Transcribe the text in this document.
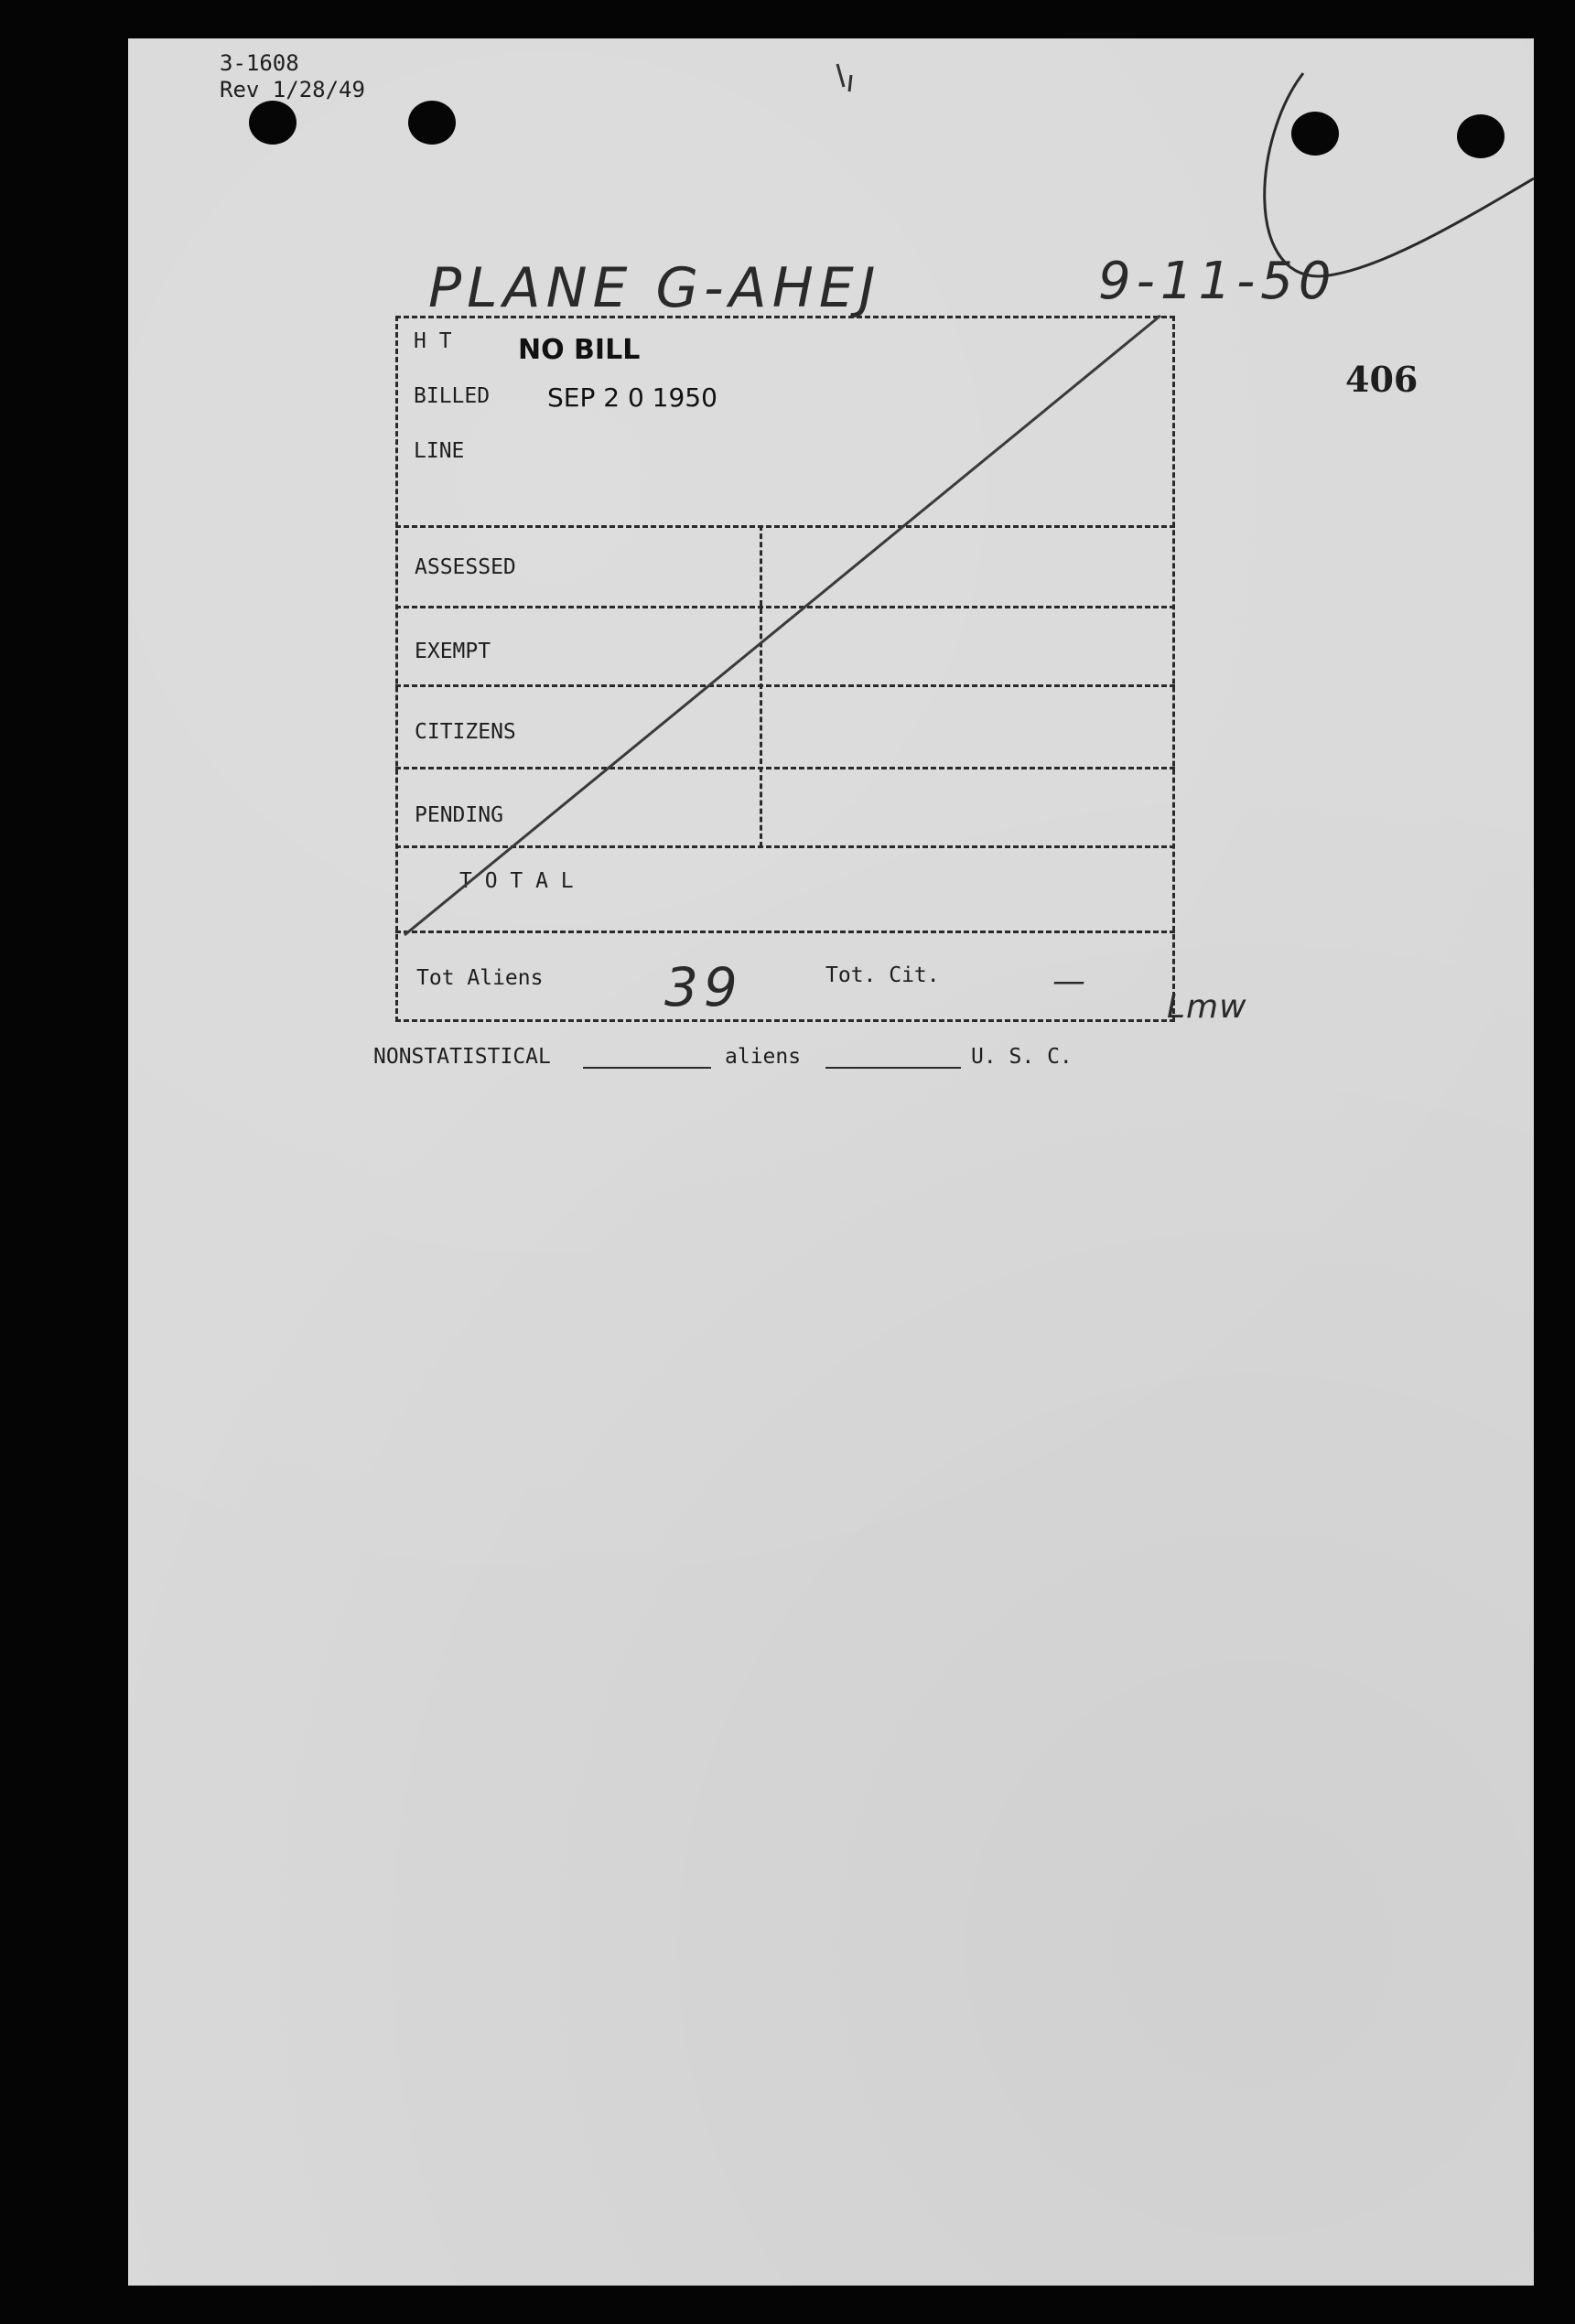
3-1608
Rev 1/28/49
406
PLANE G-AHEJ	9-11-50
H T NO BILL
BILLED SEP 2 0 1950
LINE
ASSESSED
EXEMPT
CITIZENS
PENDING
T O T A L
Tot Aliens 39	Tot. Cit.	—
Lmw
NONSTATISTICAL	aliens	U. S. C.
